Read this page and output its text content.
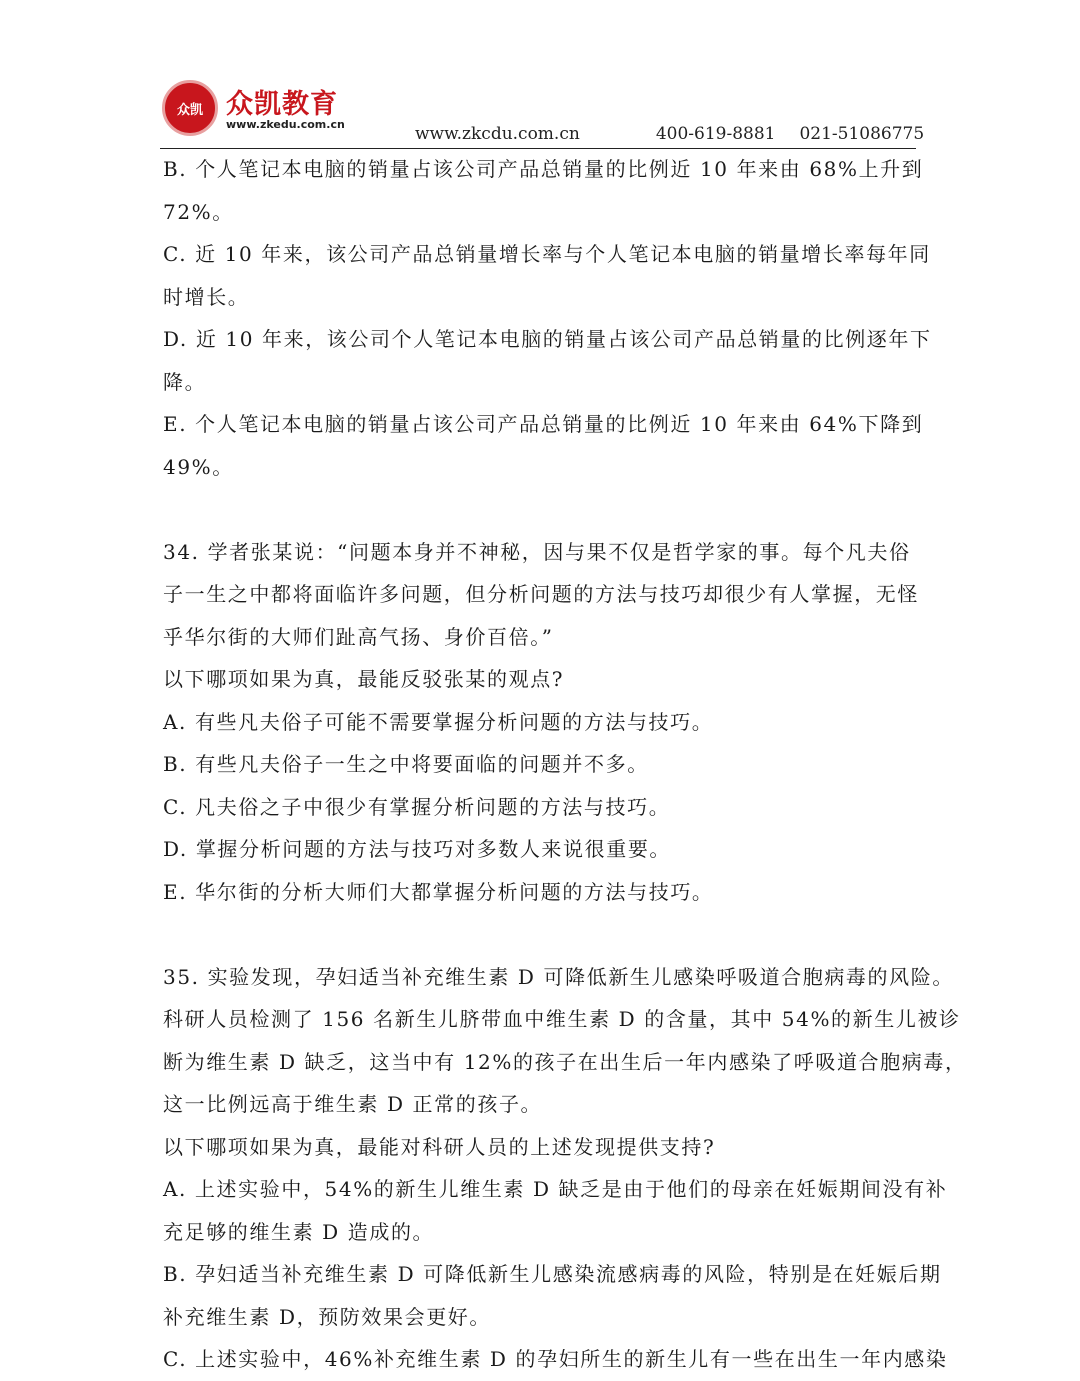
众凯 众凯教育
www.zkedu.com.cn	www.zkcdu.com.cn	400-619-8881 021-51086775
B. 个人笔记本电脑的销量占该公司产品总销量的比例近 10 年来由 68%上升到
72%。
C. 近 10 年来，该公司产品总销量增长率与个人笔记本电脑的销量增长率每年同
时增长。
D. 近 10 年来，该公司个人笔记本电脑的销量占该公司产品总销量的比例逐年下
降。
E. 个人笔记本电脑的销量占该公司产品总销量的比例近 10 年来由 64%下降到
49%。
34. 学者张某说：“问题本身并不神秘，因与果不仅是哲学家的事。每个凡夫俗
子一生之中都将面临许多问题，但分析问题的方法与技巧却很少有人掌握，无怪
乎华尔街的大师们趾高气扬、身价百倍。”
以下哪项如果为真，最能反驳张某的观点?
A. 有些凡夫俗子可能不需要掌握分析问题的方法与技巧。
B. 有些凡夫俗子一生之中将要面临的问题并不多。
C. 凡夫俗之子中很少有掌握分析问题的方法与技巧。
D. 掌握分析问题的方法与技巧对多数人来说很重要。
E. 华尔街的分析大师们大都掌握分析问题的方法与技巧。
35. 实验发现，孕妇适当补充维生素 D 可降低新生儿感染呼吸道合胞病毒的风险。
科研人员检测了 156 名新生儿脐带血中维生素 D 的含量，其中 54%的新生儿被诊
断为维生素 D 缺乏，这当中有 12%的孩子在出生后一年内感染了呼吸道合胞病毒，
这一比例远高于维生素 D 正常的孩子。
以下哪项如果为真，最能对科研人员的上述发现提供支持?
A. 上述实验中，54%的新生儿维生素 D 缺乏是由于他们的母亲在妊娠期间没有补
充足够的维生素 D 造成的。
B. 孕妇适当补充维生素 D 可降低新生儿感染流感病毒的风险，特别是在妊娠后期
补充维生素 D，预防效果会更好。
C. 上述实验中，46%补充维生素 D 的孕妇所生的新生儿有一些在出生一年内感染
